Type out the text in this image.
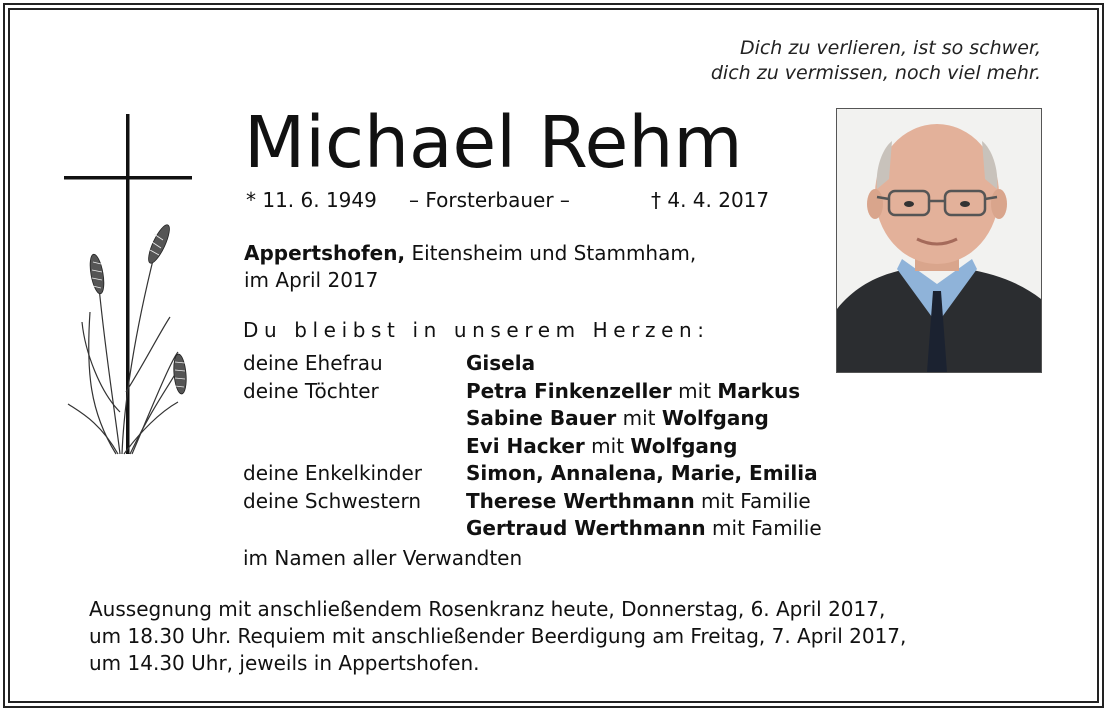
Dich zu verlieren, ist so schwer,
dich zu vermissen, noch viel mehr.
Michael Rehm
* 11. 6. 1949 – Forsterbauer –	† 4. 4. 2017
Appertshofen, Eitensheim und Stammham,
im April 2017
Du bleibst in unserem Herzen:
deine Ehefrau	Gisela
deine Töchter	Petra Finkenzeller mit Markus
Sabine Bauer mit Wolfgang
Evi Hacker mit Wolfgang
deine Enkelkinder Simon, Annalena, Marie, Emilia
deine Schwestern Therese Werthmann mit Familie
Gertraud Werthmann mit Familie
im Namen aller Verwandten
Aussegnung mit anschließendem Rosenkranz heute, Donnerstag, 6. April 2017,
um 18.30 Uhr. Requiem mit anschließender Beerdigung am Freitag, 7. April 2017,
um 14.30 Uhr, jeweils in Appertshofen.
